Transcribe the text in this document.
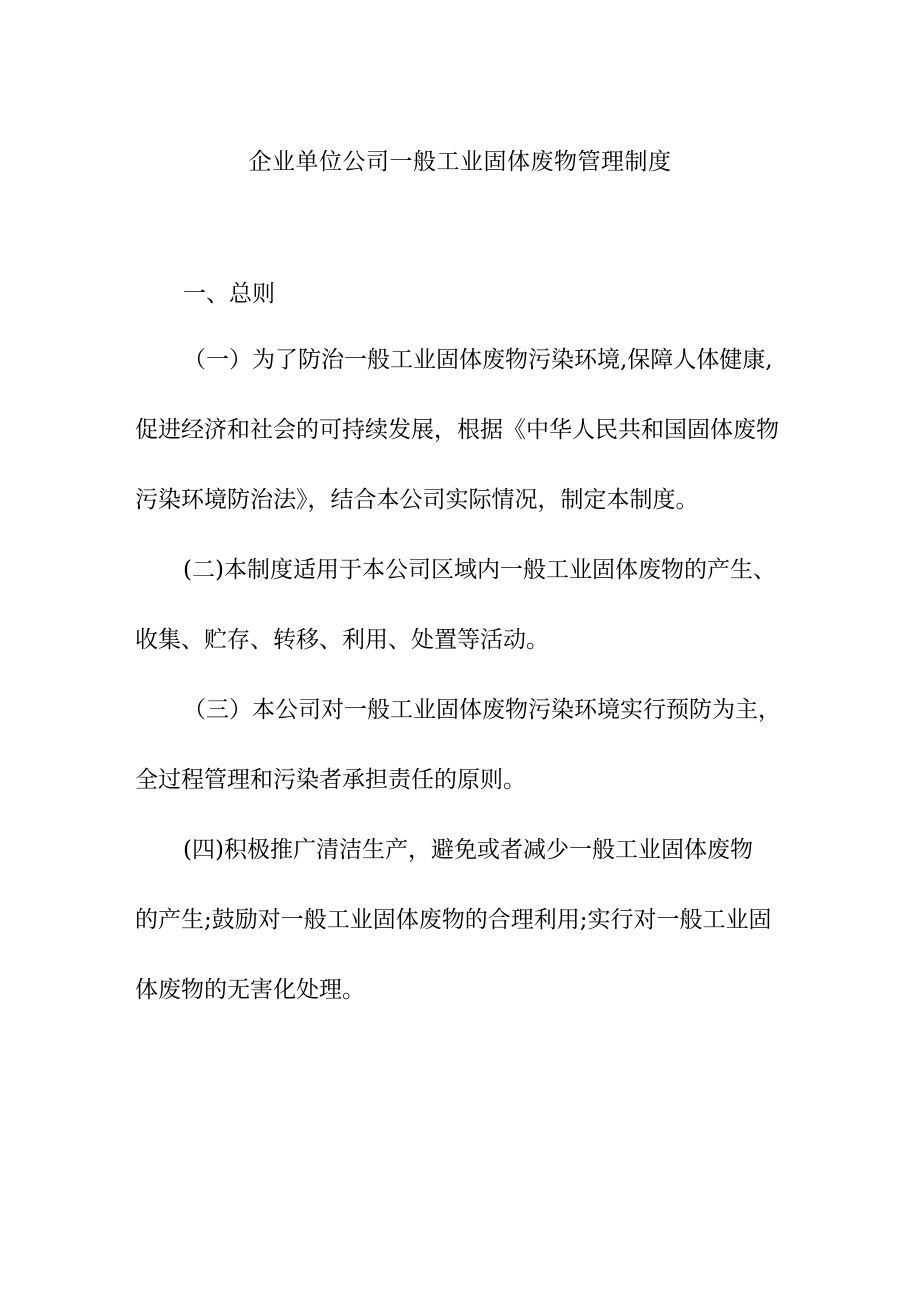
企业单位公司一般工业固体废物管理制度
一、总则
（一）为了防治一般工业固体废物污染环境,保障人体健康,
促进经济和社会的可持续发展，根据《中华人民共和国固体废物
污染环境防治法》，结合本公司实际情况，制定本制度。
(二)本制度适用于本公司区域内一般工业固体废物的产生、
收集、贮存、转移、利用、处置等活动。
（三）本公司对一般工业固体废物污染环境实行预防为主，
全过程管理和污染者承担责任的原则。
(四)积极推广清洁生产，避免或者减少一般工业固体废物
的产生;鼓励对一般工业固体废物的合理利用;实行对一般工业固
体废物的无害化处理。
